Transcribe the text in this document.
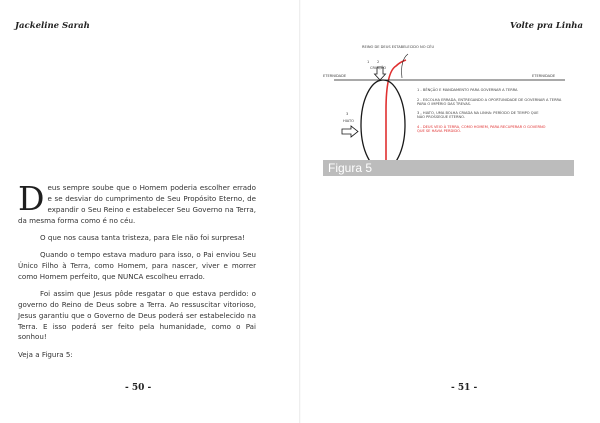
Jackeline Sarah	Volte pra Linha

Deus sempre soube que o Homem poderia escolher errado e se desviar do cumprimento de Seu Propósito Eterno, de expandir o Seu Reino e estabelecer Seu Governo na Terra, da mesma forma como é no céu.

O que nos causa tanta tristeza, para Ele não foi surpresa!

Quando o tempo estava maduro para isso, o Pai enviou Seu Único Filho à Terra, como Homem, para nascer, viver e morrer como Homem perfeito, que NUNCA escolheu errado.

Foi assim que Jesus pôde resgatar o que estava perdido: o governo do Reino de Deus sobre a Terra. Ao ressuscitar vitorioso, Jesus garantiu que o Governo de Deus poderá ser estabelecido na Terra. E isso poderá ser feito pela humanidade, como o Pai sonhou!

Veja a Figura 5:

REINO DE DEUS ESTABELECIDO NO CÉU
1 2
CRIAÇÃO
ETERNIDADE	ETERNIDADE
3
HIATO
1 - BÊNÇÃO E MANDAMENTO PARA GOVERNAR A TERRA
2 - ESCOLHA ERRADA, ENTREGANDO A OPORTUNIDADE DE GOVERNAR A TERRA PARA O IMPÉRIO DAS TREVAS.
3 - HIATO, UMA BOLHA CRIADA NA LINHA: PERÍODO DE TEMPO QUE NÃO PROSSEGUE ETERNO.
4 - DEUS VEIO À TERRA, COMO HOMEM, PARA RECUPERAR O GOVERNO QUE SE HAVIA PERDIDO.
Figura 5
- 50 -	- 51 -
